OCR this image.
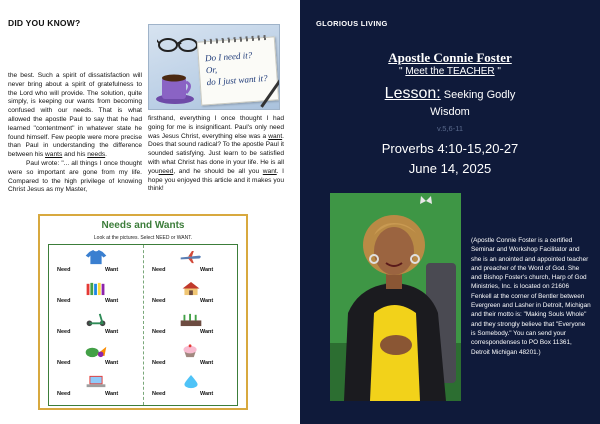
DID YOU KNOW?
Do I need it?
Or,
do I just want it?

the best. Such a spirit of dissatisfaction will never bring about a spirit of gratefulness to the Lord who will provide. The solution, quite simply, is keeping our wants from becoming confused with our needs. That is what allowed the apostle Paul to say that he had learned "contentment" in whatever state he found himself. Few people were more precise than Paul in understanding the difference between his wants and his needs.

Paul wrote: "... all things I once thought were so important are gone from my life. Compared to the high privilege of knowing Christ Jesus as my Master,

firsthand, everything I once thought I had going for me is insignificant. Paul's only need was Jesus Christ, everything else was a want. Does that sound radical? To the apostle Paul it sounded satisfying. Just learn to be satisfied with what Christ has done in your life. He is all youneed, and he should be all you want. I hope you enjoyed this article and it makes you think!

Needs and Wants
Look at the pictures. Select NEED or WANT.
Need	Want	Need	Want
Need	Want	Need	Want
Need	Want	Need	Want
Need	Want	Need	Want
Need	Want	Need	Want
GLORIOUS LIVING
Apostle Connie Foster
" Meet the TEACHER "
Lesson: Seeking Godly
Wisdom
v.5,6-11
Proverbs 4:10-15,20-27
June 14, 2025
(Apostle Connie Foster is a certified Seminar and Workshop Facilitator and she is an anointed and appointed teacher and preacher of the Word of God. She and Bishop Foster's church, Harp of God Ministries, Inc. is located on 21606 Fenkell at the corner of Bentler between Evergreen and Lasher in Detroit, Michigan and their motto is: "Making Souls Whole" and they strongly believe that "Everyone is Somebody." You can send your correspondenses to PO Box 11361, Detroit Michigan 48201.)
